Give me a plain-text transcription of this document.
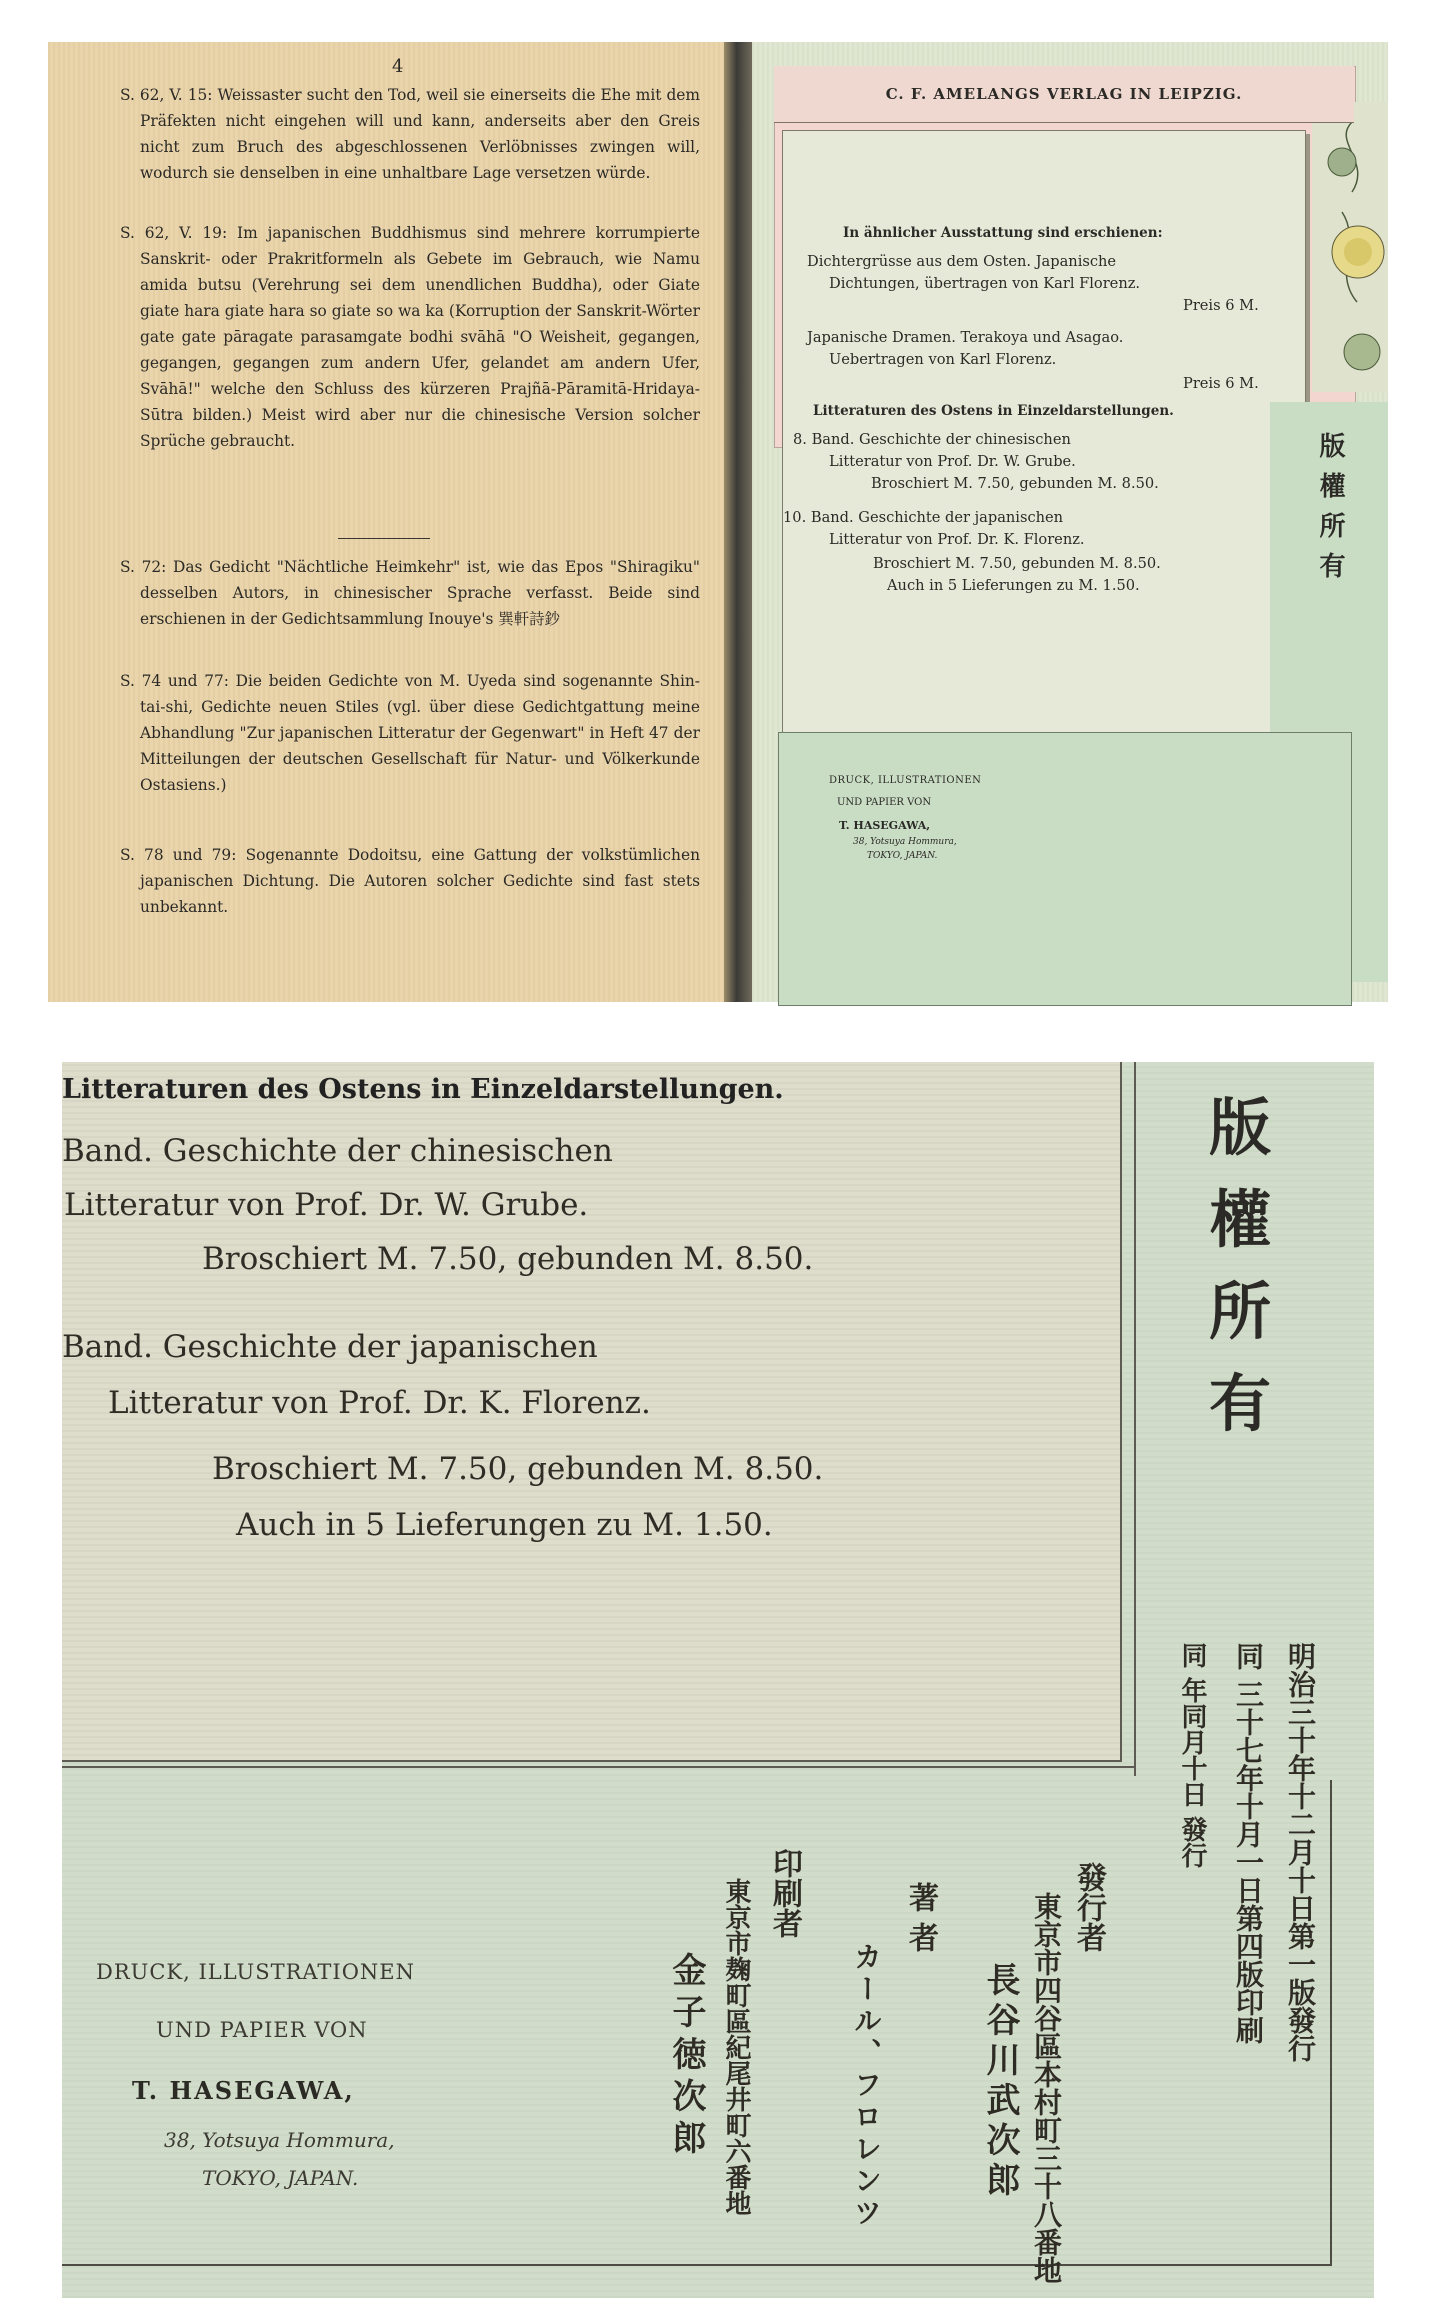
4
S. 62, V. 15: Weissaster sucht den Tod, weil sie einerseits die Ehe mit dem Präfekten nicht eingehen will und kann, anderseits aber den Greis nicht zum Bruch des abgeschlossenen Verlöbnisses zwingen will, wodurch sie denselben in eine unhaltbare Lage versetzen würde.
S. 62, V. 19: Im japanischen Buddhismus sind mehrere korrumpierte Sanskrit- oder Prakritformeln als Gebete im Gebrauch, wie Namu amida butsu (Verehrung sei dem unendlichen Buddha), oder Giate giate hara giate hara so giate so wa ka (Korruption der Sanskrit-Wörter gate gate pāragate parasamgate bodhi svāhā "O Weisheit, gegangen, gegangen, gegangen zum andern Ufer, gelandet am andern Ufer, Svāhā!" welche den Schluss des kürzeren Prajñā-Pāramitā-Hridaya-Sūtra bilden.) Meist wird aber nur die chinesische Version solcher Sprüche gebraucht.
S. 72: Das Gedicht "Nächtliche Heimkehr" ist, wie das Epos "Shiragiku" desselben Autors, in chinesischer Sprache verfasst. Beide sind erschienen in der Gedichtsammlung Inouye's 巽軒詩鈔
S. 74 und 77: Die beiden Gedichte von M. Uyeda sind sogenannte Shin-tai-shi, Gedichte neuen Stiles (vgl. über diese Gedichtgattung meine Abhandlung "Zur japanischen Litteratur der Gegenwart" in Heft 47 der Mitteilungen der deutschen Gesellschaft für Natur- und Völkerkunde Ostasiens.)
S. 78 und 79: Sogenannte Dodoitsu, eine Gattung der volkstümlichen japanischen Dichtung. Die Autoren solcher Gedichte sind fast stets unbekannt.
C. F. AMELANGS VERLAG IN LEIPZIG.
In ähnlicher Ausstattung sind erschienen:
Dichtergrüsse aus dem Osten. Japanische
Dichtungen, übertragen von Karl Florenz.
Preis 6 M.
Japanische Dramen. Terakoya und Asagao.
Uebertragen von Karl Florenz.
Preis 6 M.
Litteraturen des Ostens in Einzeldarstellungen.
8. Band. Geschichte der chinesischen
Litteratur von Prof. Dr. W. Grube.
Broschiert M. 7.50, gebunden M. 8.50.
10. Band. Geschichte der japanischen
Litteratur von Prof. Dr. K. Florenz.
Broschiert M. 7.50, gebunden M. 8.50.
Auch in 5 Lieferungen zu M. 1.50.	版權所有
DRUCK, ILLUSTRATIONEN
UND PAPIER VON
T. HASEGAWA,
38, Yotsuya Hommura,
TOKYO, JAPAN.
Litteraturen des Ostens in Einzeldarstellungen.
Band. Geschichte der chinesischen
Litteratur von Prof. Dr. W. Grube.
Broschiert M. 7.50, gebunden M. 8.50.
Band. Geschichte der japanischen
Litteratur von Prof. Dr. K. Florenz.
Broschiert M. 7.50, gebunden M. 8.50.
Auch in 5 Lieferungen zu M. 1.50.
版
權
所
有
明治三十年十二月十日第一版發行
同 三十七年十月一日第四版印刷
同 年同月十日 發行
發行者
東京市四谷區本村町三十八番地
長谷川武次郎
著者
カール、フロレンツ
印刷者
東京市麹町區紀尾井町六番地
金子徳次郎
DRUCK, ILLUSTRATIONEN
UND PAPIER VON
T. HASEGAWA,
38, Yotsuya Hommura,
TOKYO, JAPAN.
